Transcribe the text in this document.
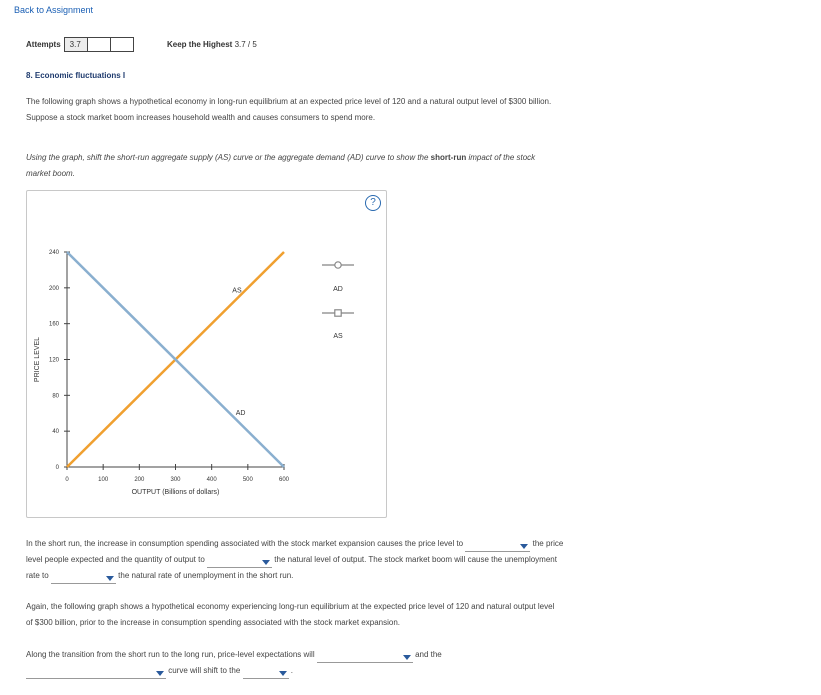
Back to Assignment
Attempts	3.7	Keep the Highest 3.7 / 5
8. Economic fluctuations I
The following graph shows a hypothetical economy in long-run equilibrium at an expected price level of 120 and a natural output level of $300 billion.
Suppose a stock market boom increases household wealth and causes consumers to spend more.
Using the graph, shift the short-run aggregate supply (AS) curve or the aggregate demand (AD) curve to show the short-run impact of the stock
market boom.
?
0
40
80
120
160
200
240
0	100	200	300	400	500	600
OUTPUT (Billions of dollars)
PRICE LEVEL
AS
AD
AD
AS
In the short run, the increase in consumption spending associated with the stock market expansion causes the price level to	the price
level people expected and the quantity of output to	the natural level of output. The stock market boom will cause the unemployment
rate to	the natural rate of unemployment in the short run.
Again, the following graph shows a hypothetical economy experiencing long-run equilibrium at the expected price level of 120 and natural output level
of $300 billion, prior to the increase in consumption spending associated with the stock market expansion.
Along the transition from the short run to the long run, price-level expectations will	and the
curve will shift to the	.
